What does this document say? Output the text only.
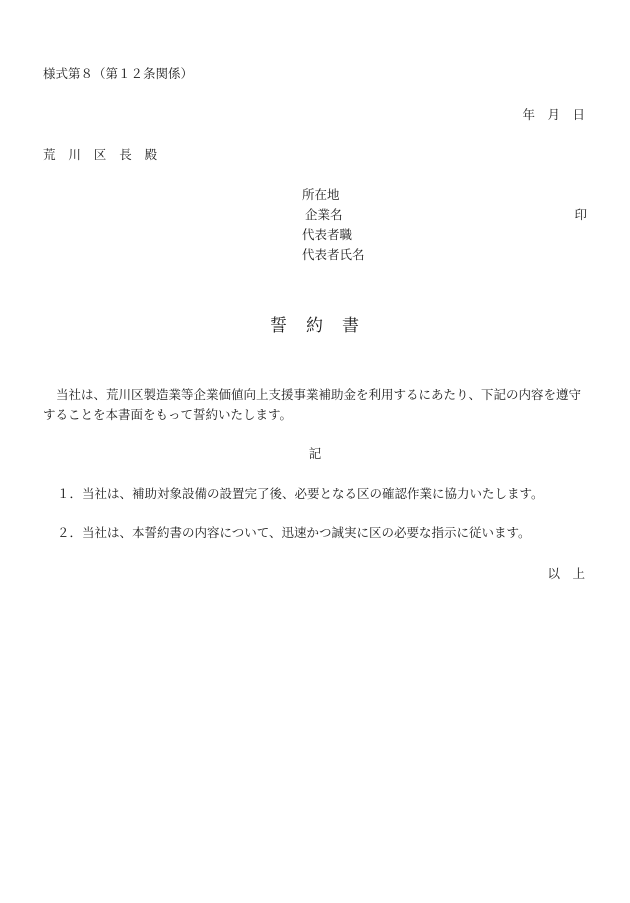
様式第８（第１２条関係）

年　月　日

荒　川　区　長　殿

所在地
企業名	印
代表者職
代表者氏名
誓　約　書

当社は、荒川区製造業等企業価値向上支援事業補助金を利用するにあたり、下記の内容を遵守することを本書面をもって誓約いたします。

記

１．当社は、補助対象設備の設置完了後、必要となる区の確認作業に協力いたします。

２．当社は、本誓約書の内容について、迅速かつ誠実に区の必要な指示に従います。

以　上
